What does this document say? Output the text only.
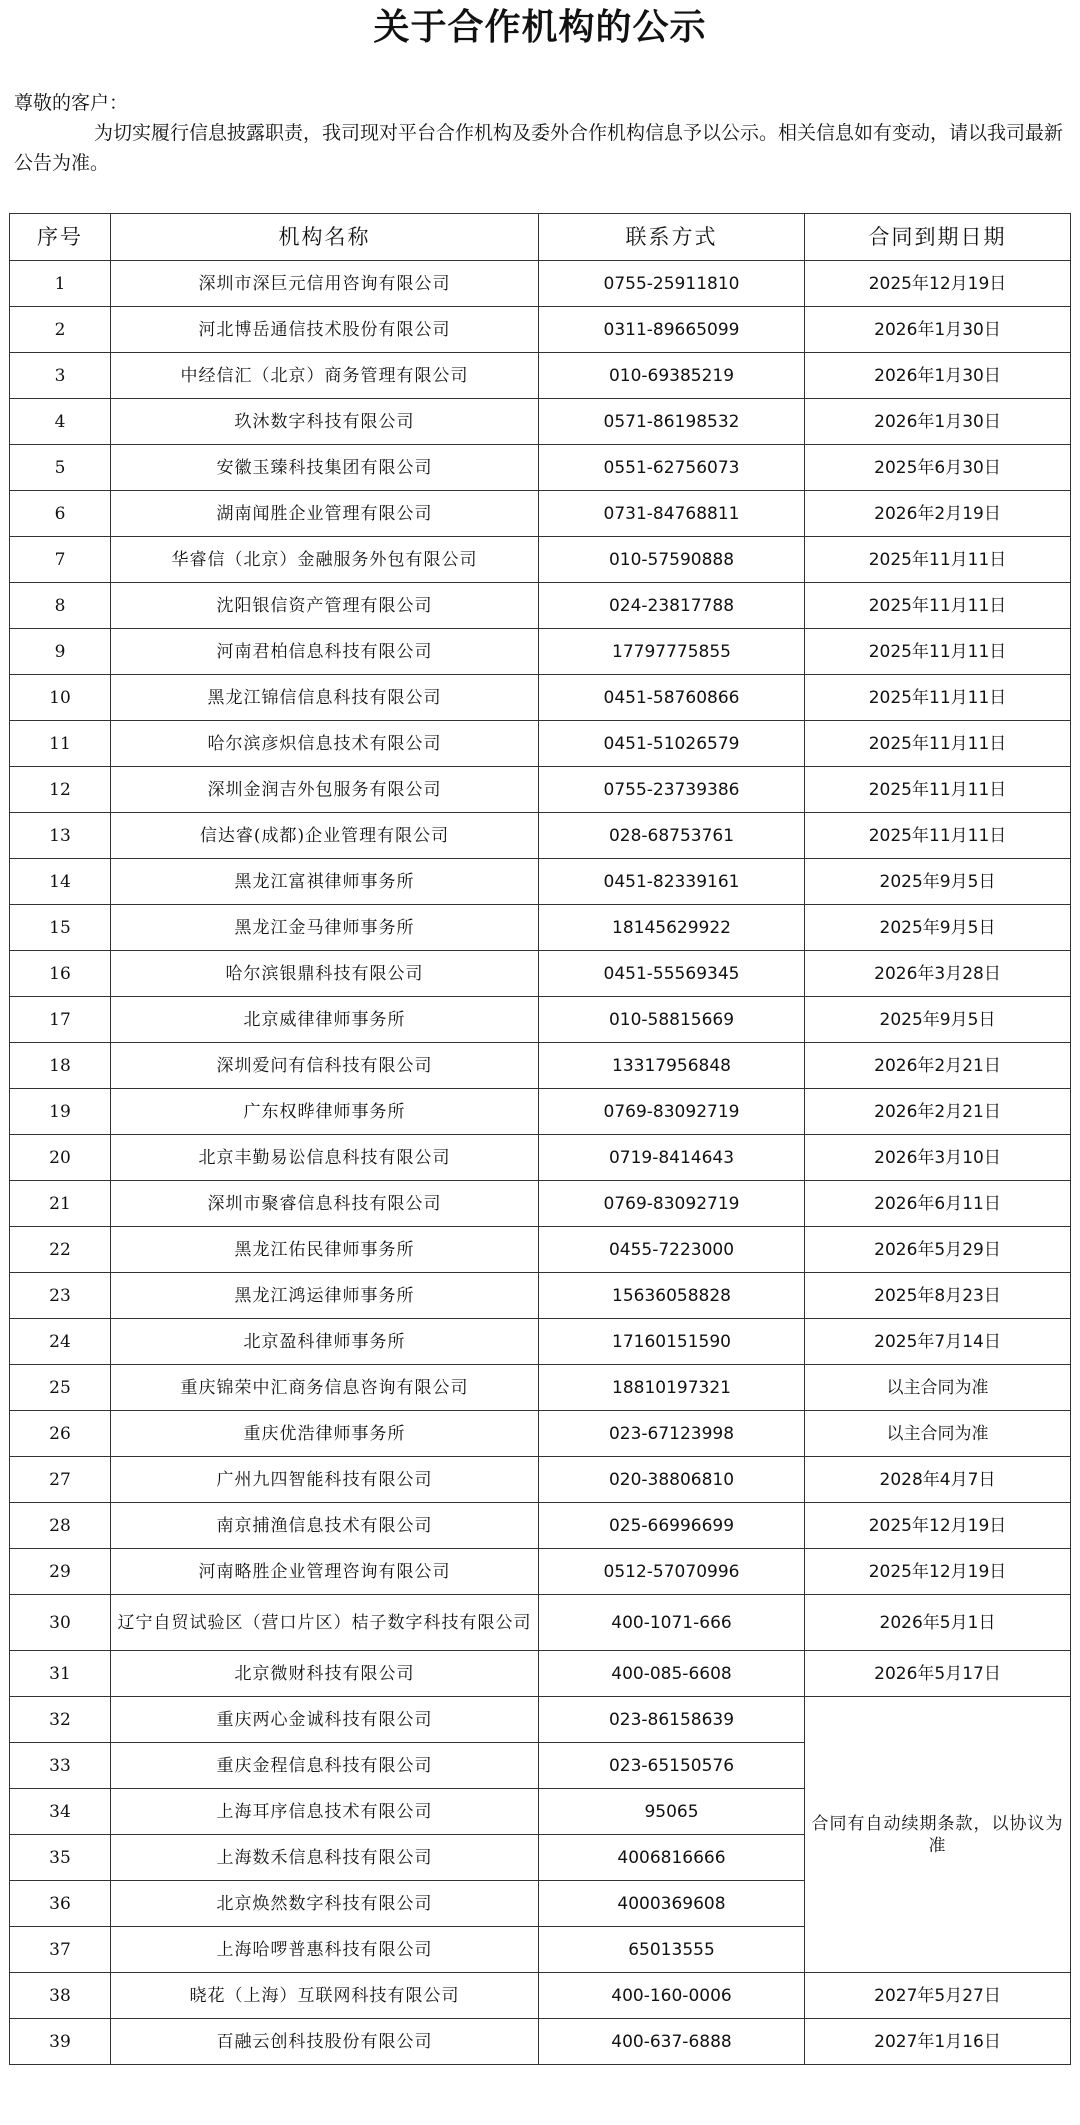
关于合作机构的公示

尊敬的客户：

为切实履行信息披露职责，我司现对平台合作机构及委外合作机构信息予以公示。相关信息如有变动，请以我司最新公告为准。

序号	机构名称	联系方式	合同到期日期
1	深圳市深巨元信用咨询有限公司	0755-25911810	2025年12月19日
2	河北博岳通信技术股份有限公司	0311-89665099	2026年1月30日
3	中经信汇（北京）商务管理有限公司	010-69385219	2026年1月30日
4	玖沐数字科技有限公司	0571-86198532	2026年1月30日
5	安徽玉臻科技集团有限公司	0551-62756073	2025年6月30日
6	湖南闻胜企业管理有限公司	0731-84768811	2026年2月19日
7	华睿信（北京）金融服务外包有限公司	010-57590888	2025年11月11日
8	沈阳银信资产管理有限公司	024-23817788	2025年11月11日
9	河南君柏信息科技有限公司	17797775855	2025年11月11日
10	黑龙江锦信信息科技有限公司	0451-58760866	2025年11月11日
11	哈尔滨彦炽信息技术有限公司	0451-51026579	2025年11月11日
12	深圳金润吉外包服务有限公司	0755-23739386	2025年11月11日
13	信达睿(成都)企业管理有限公司	028-68753761	2025年11月11日
14	黑龙江富祺律师事务所	0451-82339161	2025年9月5日
15	黑龙江金马律师事务所	18145629922	2025年9月5日
16	哈尔滨银鼎科技有限公司	0451-55569345	2026年3月28日
17	北京威律律师事务所	010-58815669	2025年9月5日
18	深圳爱问有信科技有限公司	13317956848	2026年2月21日
19	广东权晔律师事务所	0769-83092719	2026年2月21日
20	北京丰勤易讼信息科技有限公司	0719-8414643	2026年3月10日
21	深圳市聚睿信息科技有限公司	0769-83092719	2026年6月11日
22	黑龙江佑民律师事务所	0455-7223000	2026年5月29日
23	黑龙江鸿运律师事务所	15636058828	2025年8月23日
24	北京盈科律师事务所	17160151590	2025年7月14日
25	重庆锦荣中汇商务信息咨询有限公司	18810197321	以主合同为准
26	重庆优浩律师事务所	023-67123998	以主合同为准
27	广州九四智能科技有限公司	020-38806810	2028年4月7日
28	南京捕渔信息技术有限公司	025-66996699	2025年12月19日
29	河南略胜企业管理咨询有限公司	0512-57070996	2025年12月19日
30	辽宁自贸试验区（营口片区）桔子数字科技有限公司	400-1071-666	2026年5月1日
31	北京微财科技有限公司	400-085-6608	2026年5月17日
32	重庆两心金诚科技有限公司	023-86158639	合同有自动续期条款，以协议为准
33	重庆金程信息科技有限公司	023-65150576	
34	上海耳序信息技术有限公司	95065	
35	上海数禾信息科技有限公司	4006816666	
36	北京焕然数字科技有限公司	4000369608	
37	上海哈啰普惠科技有限公司	65013555	
38	晓花（上海）互联网科技有限公司	400-160-0006	2027年5月27日
39	百融云创科技股份有限公司	400-637-6888	2027年1月16日
